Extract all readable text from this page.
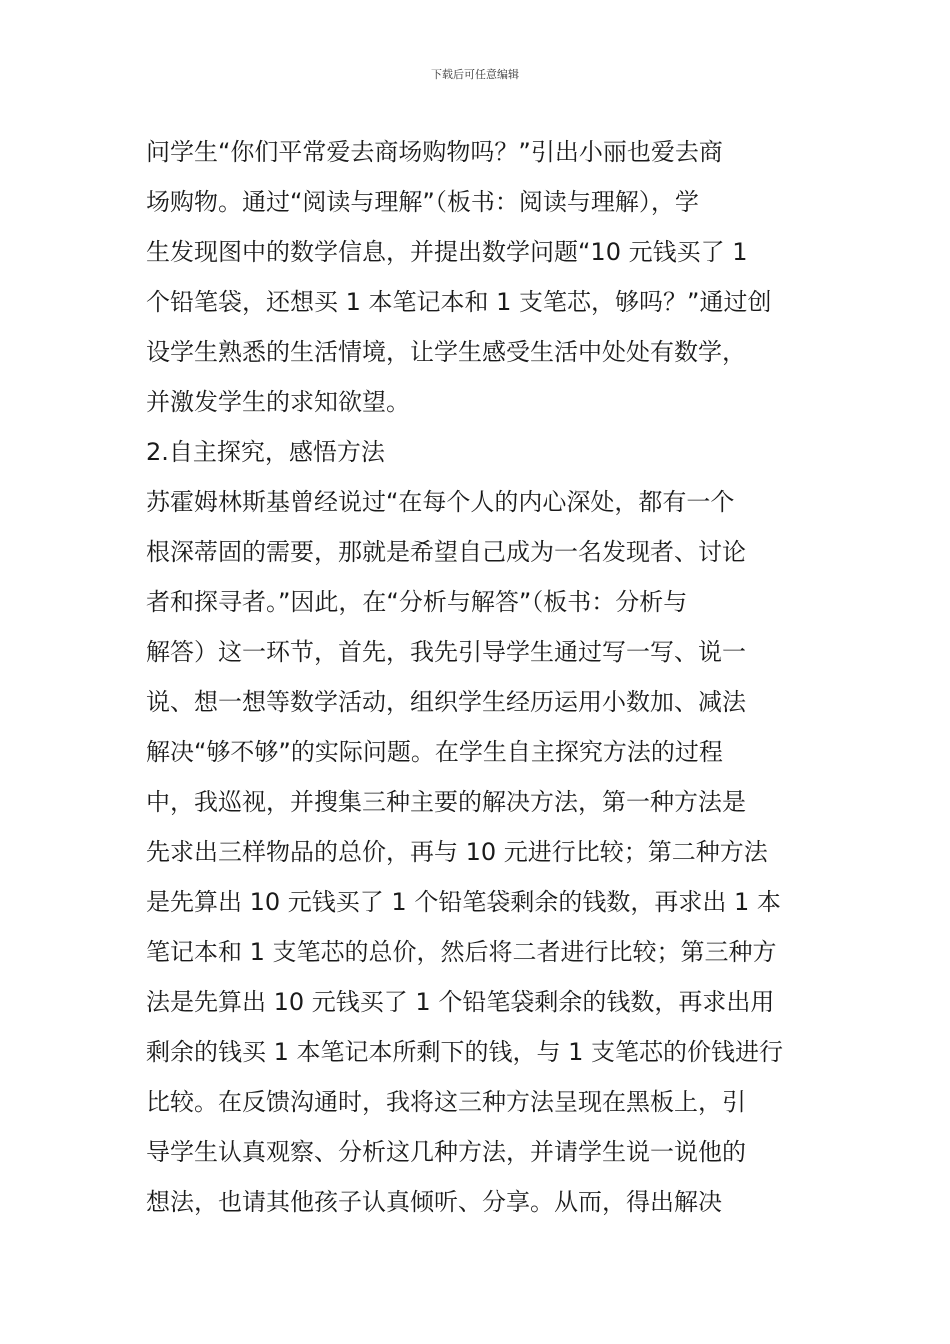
下载后可任意编辑
问学生“你们平常爱去商场购物吗？”引出小丽也爱去商
场购物。通过“阅读与理解”（板书：阅读与理解），学
生发现图中的数学信息，并提出数学问题“10 元钱买了 1
个铅笔袋，还想买 1 本笔记本和 1 支笔芯，够吗？”通过创
设学生熟悉的生活情境，让学生感受生活中处处有数学，
并激发学生的求知欲望。
2.自主探究，感悟方法
苏霍姆林斯基曾经说过“在每个人的内心深处，都有一个
根深蒂固的需要，那就是希望自己成为一名发现者、讨论
者和探寻者。”因此，在“分析与解答”（板书：分析与
解答）这一环节，首先，我先引导学生通过写一写、说一
说、想一想等数学活动，组织学生经历运用小数加、减法
解决“够不够”的实际问题。在学生自主探究方法的过程
中，我巡视，并搜集三种主要的解决方法，第一种方法是
先求出三样物品的总价，再与 10 元进行比较；第二种方法
是先算出 10 元钱买了 1 个铅笔袋剩余的钱数，再求出 1 本
笔记本和 1 支笔芯的总价，然后将二者进行比较；第三种方
法是先算出 10 元钱买了 1 个铅笔袋剩余的钱数，再求出用
剩余的钱买 1 本笔记本所剩下的钱，与 1 支笔芯的价钱进行
比较。在反馈沟通时，我将这三种方法呈现在黑板上，引
导学生认真观察、分析这几种方法，并请学生说一说他的
想法，也请其他孩子认真倾听、分享。从而，得出解决
